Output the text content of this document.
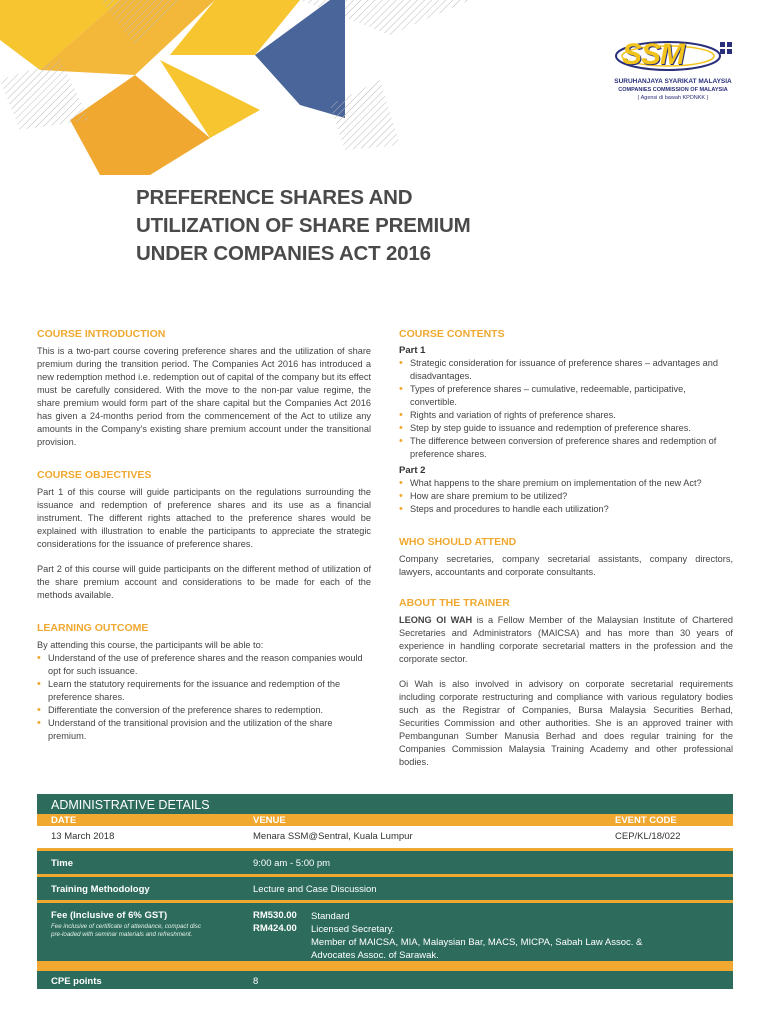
SSM
SURUHANJAYA SYARIKAT MALAYSIA
COMPANIES COMMISSION OF MALAYSIA
( Agensi di bawah KPDNKK )
PREFERENCE SHARES AND
UTILIZATION OF SHARE PREMIUM
UNDER COMPANIES ACT 2016
COURSE INTRODUCTION

This is a two-part course covering preference shares and the utilization of share premium during the transition period. The Companies Act 2016 has introduced a new redemption method i.e. redemption out of capital of the company but its effect must be carefully considered. With the move to the non-par value regime, the share premium would form part of the share capital but the Companies Act 2016 has given a 24-months period from the commencement of the Act to utilize any amounts in the Company's existing share premium account under the transitional provision.

COURSE OBJECTIVES

Part 1 of this course will guide participants on the regulations surrounding the issuance and redemption of preference shares and its use as a financial instrument. The different rights attached to the preference shares would be explained with illustration to enable the participants to appreciate the strategic considerations for the issuance of preference shares.

Part 2 of this course will guide participants on the different method of utilization of the share premium account and considerations to be made for each of the methods available.

LEARNING OUTCOME

By attending this course, the participants will be able to:

• Understand of the use of preference shares and the reason companies would opt for such issuance.
• Learn the statutory requirements for the issuance and redemption of the preference shares.
• Differentiate the conversion of the preference shares to redemption.
• Understand of the transitional provision and the utilization of the share premium.
COURSE CONTENTS
Part 1
• Strategic consideration for issuance of preference shares – advantages and disadvantages.
• Types of preference shares – cumulative, redeemable, participative, convertible.
• Rights and variation of rights of preference shares.
• Step by step guide to issuance and redemption of preference shares.
• The difference between conversion of preference shares and redemption of preference shares.
Part 2
• What happens to the share premium on implementation of the new Act?
• How are share premium to be utilized?
• Steps and procedures to handle each utilization?
WHO SHOULD ATTEND

Company secretaries, company secretarial assistants, company directors, lawyers, accountants and corporate consultants.

ABOUT THE TRAINER

LEONG OI WAH is a Fellow Member of the Malaysian Institute of Chartered Secretaries and Administrators (MAICSA) and has more than 30 years of experience in handling corporate secretarial matters in the profession and the corporate sector.

Oi Wah is also involved in advisory on corporate secretarial requirements including corporate restructuring and compliance with various regulatory bodies such as the Registrar of Companies, Bursa Malaysia Securities Berhad, Securities Commission and other authorities. She is an approved trainer with Pembangunan Sumber Manusia Berhad and does regular training for the Companies Commission Malaysia Training Academy and other professional bodies.

ADMINISTRATIVE DETAILS
DATE	VENUE	EVENT CODE
13 March 2018	Menara SSM@Sentral, Kuala Lumpur	CEP/KL/18/022
Time	9:00 am - 5:00 pm
Training Methodology	Lecture and Case Discussion
Fee (Inclusive of 6% GST)
Fee inclusive of certificate of attendance, compact disc pre-loaded with seminar materials and refreshment.
RM530.00 Standard
RM424.00 Licensed Secretary.
Member of MAICSA, MIA, Malaysian Bar, MACS, MICPA, Sabah Law Assoc. &
Advocates Assoc. of Sarawak.
CPE points	8
